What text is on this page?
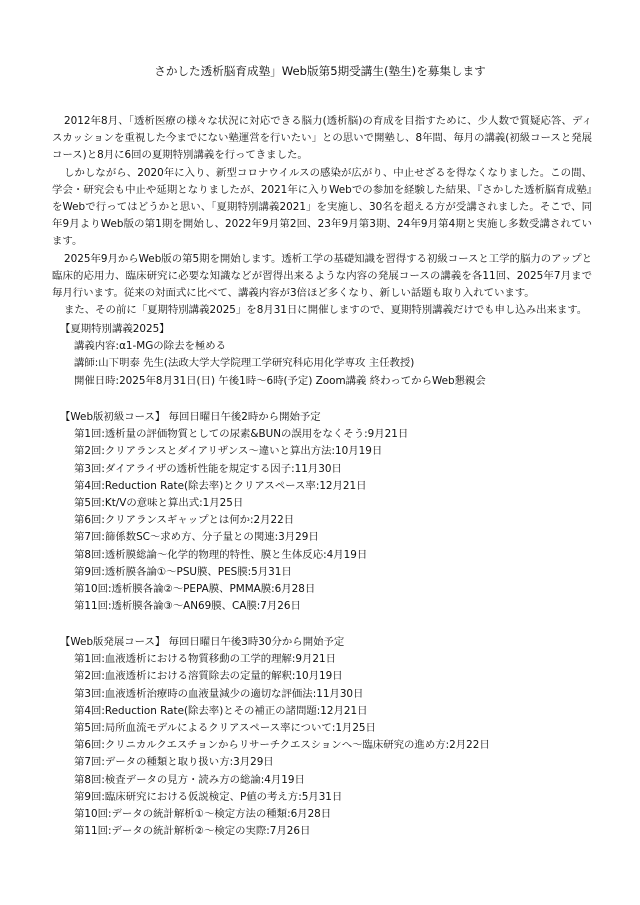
さかした透析脳育成塾」Web版第5期受講生(塾生)を募集します

2012年8月、「透析医療の様々な状況に対応できる脳力(透析脳)の育成を目指すために、少人数で質疑応答、ディスカッションを重視した今までにない塾運営を行いたい」との思いで開塾し、8年間、毎月の講義(初級コースと発展コース)と8月に6回の夏期特別講義を行ってきました。

しかしながら、2020年に入り、新型コロナウイルスの感染が広がり、中止せざるを得なくなりました。この間、学会・研究会も中止や延期となりましたが、2021年に入りWebでの参加を経験した結果、『さかした透析脳育成塾』をWebで行ってはどうかと思い、「夏期特別講義2021」を実施し、30名を超える方が受講されました。そこで、同年9月よりWeb版の第1期を開始し、2022年9月第2回、23年9月第3期、24年9月第4期と実施し多数受講されています。

2025年9月からWeb版の第5期を開始します。透析工学の基礎知識を習得する初級コースと工学的脳力のアップと臨床的応用力、臨床研究に必要な知識などが習得出来るような内容の発展コースの講義を各11回、2025年7月まで毎月行います。従来の対面式に比べて、講義内容が3倍ほど多くなり、新しい話題も取り入れています。

また、その前に「夏期特別講義2025」を8月31日に開催しますので、夏期特別講義だけでも申し込み出来ます。

【夏期特別講義2025】

講義内容:α1-MGの除去を極める

講師:山下明泰 先生(法政大学大学院理工学研究科応用化学専攻 主任教授)

開催日時:2025年8月31日(日) 午後1時〜6時(予定) Zoom講義 終わってからWeb懇親会

【Web版初級コース】 毎回日曜日午後2時から開始予定

第1回:透析量の評価物質としての尿素&BUNの誤用をなくそう:9月21日

第2回:クリアランスとダイアリザンス〜違いと算出方法:10月19日

第3回:ダイアライザの透析性能を規定する因子:11月30日

第4回:Reduction Rate(除去率)とクリアスペース率:12月21日

第5回:Kt/Vの意味と算出式:1月25日

第6回:クリアランスギャップとは何か:2月22日

第7回:篩係数SC〜求め方、分子量との関連:3月29日

第8回:透析膜総論〜化学的物理的特性、膜と生体反応:4月19日

第9回:透析膜各論①〜PSU膜、PES膜:5月31日

第10回:透析膜各論②〜PEPA膜、PMMA膜:6月28日

第11回:透析膜各論③〜AN69膜、CA膜:7月26日

【Web版発展コース】 毎回日曜日午後3時30分から開始予定

第1回:血液透析における物質移動の工学的理解:9月21日

第2回:血液透析における溶質除去の定量的解釈:10月19日

第3回:血液透析治療時の血液量減少の適切な評価法:11月30日

第4回:Reduction Rate(除去率)とその補正の諸問題:12月21日

第5回:局所血流モデルによるクリアスペース率について:1月25日

第6回:クリニカルクエスチョンからリサーチクエスションへ〜臨床研究の進め方:2月22日

第7回:データの種類と取り扱い方:3月29日

第8回:検査データの見方・読み方の総論:4月19日

第9回:臨床研究における仮説検定、P値の考え方:5月31日

第10回:データの統計解析①〜検定方法の種類:6月28日

第11回:データの統計解析②〜検定の実際:7月26日
